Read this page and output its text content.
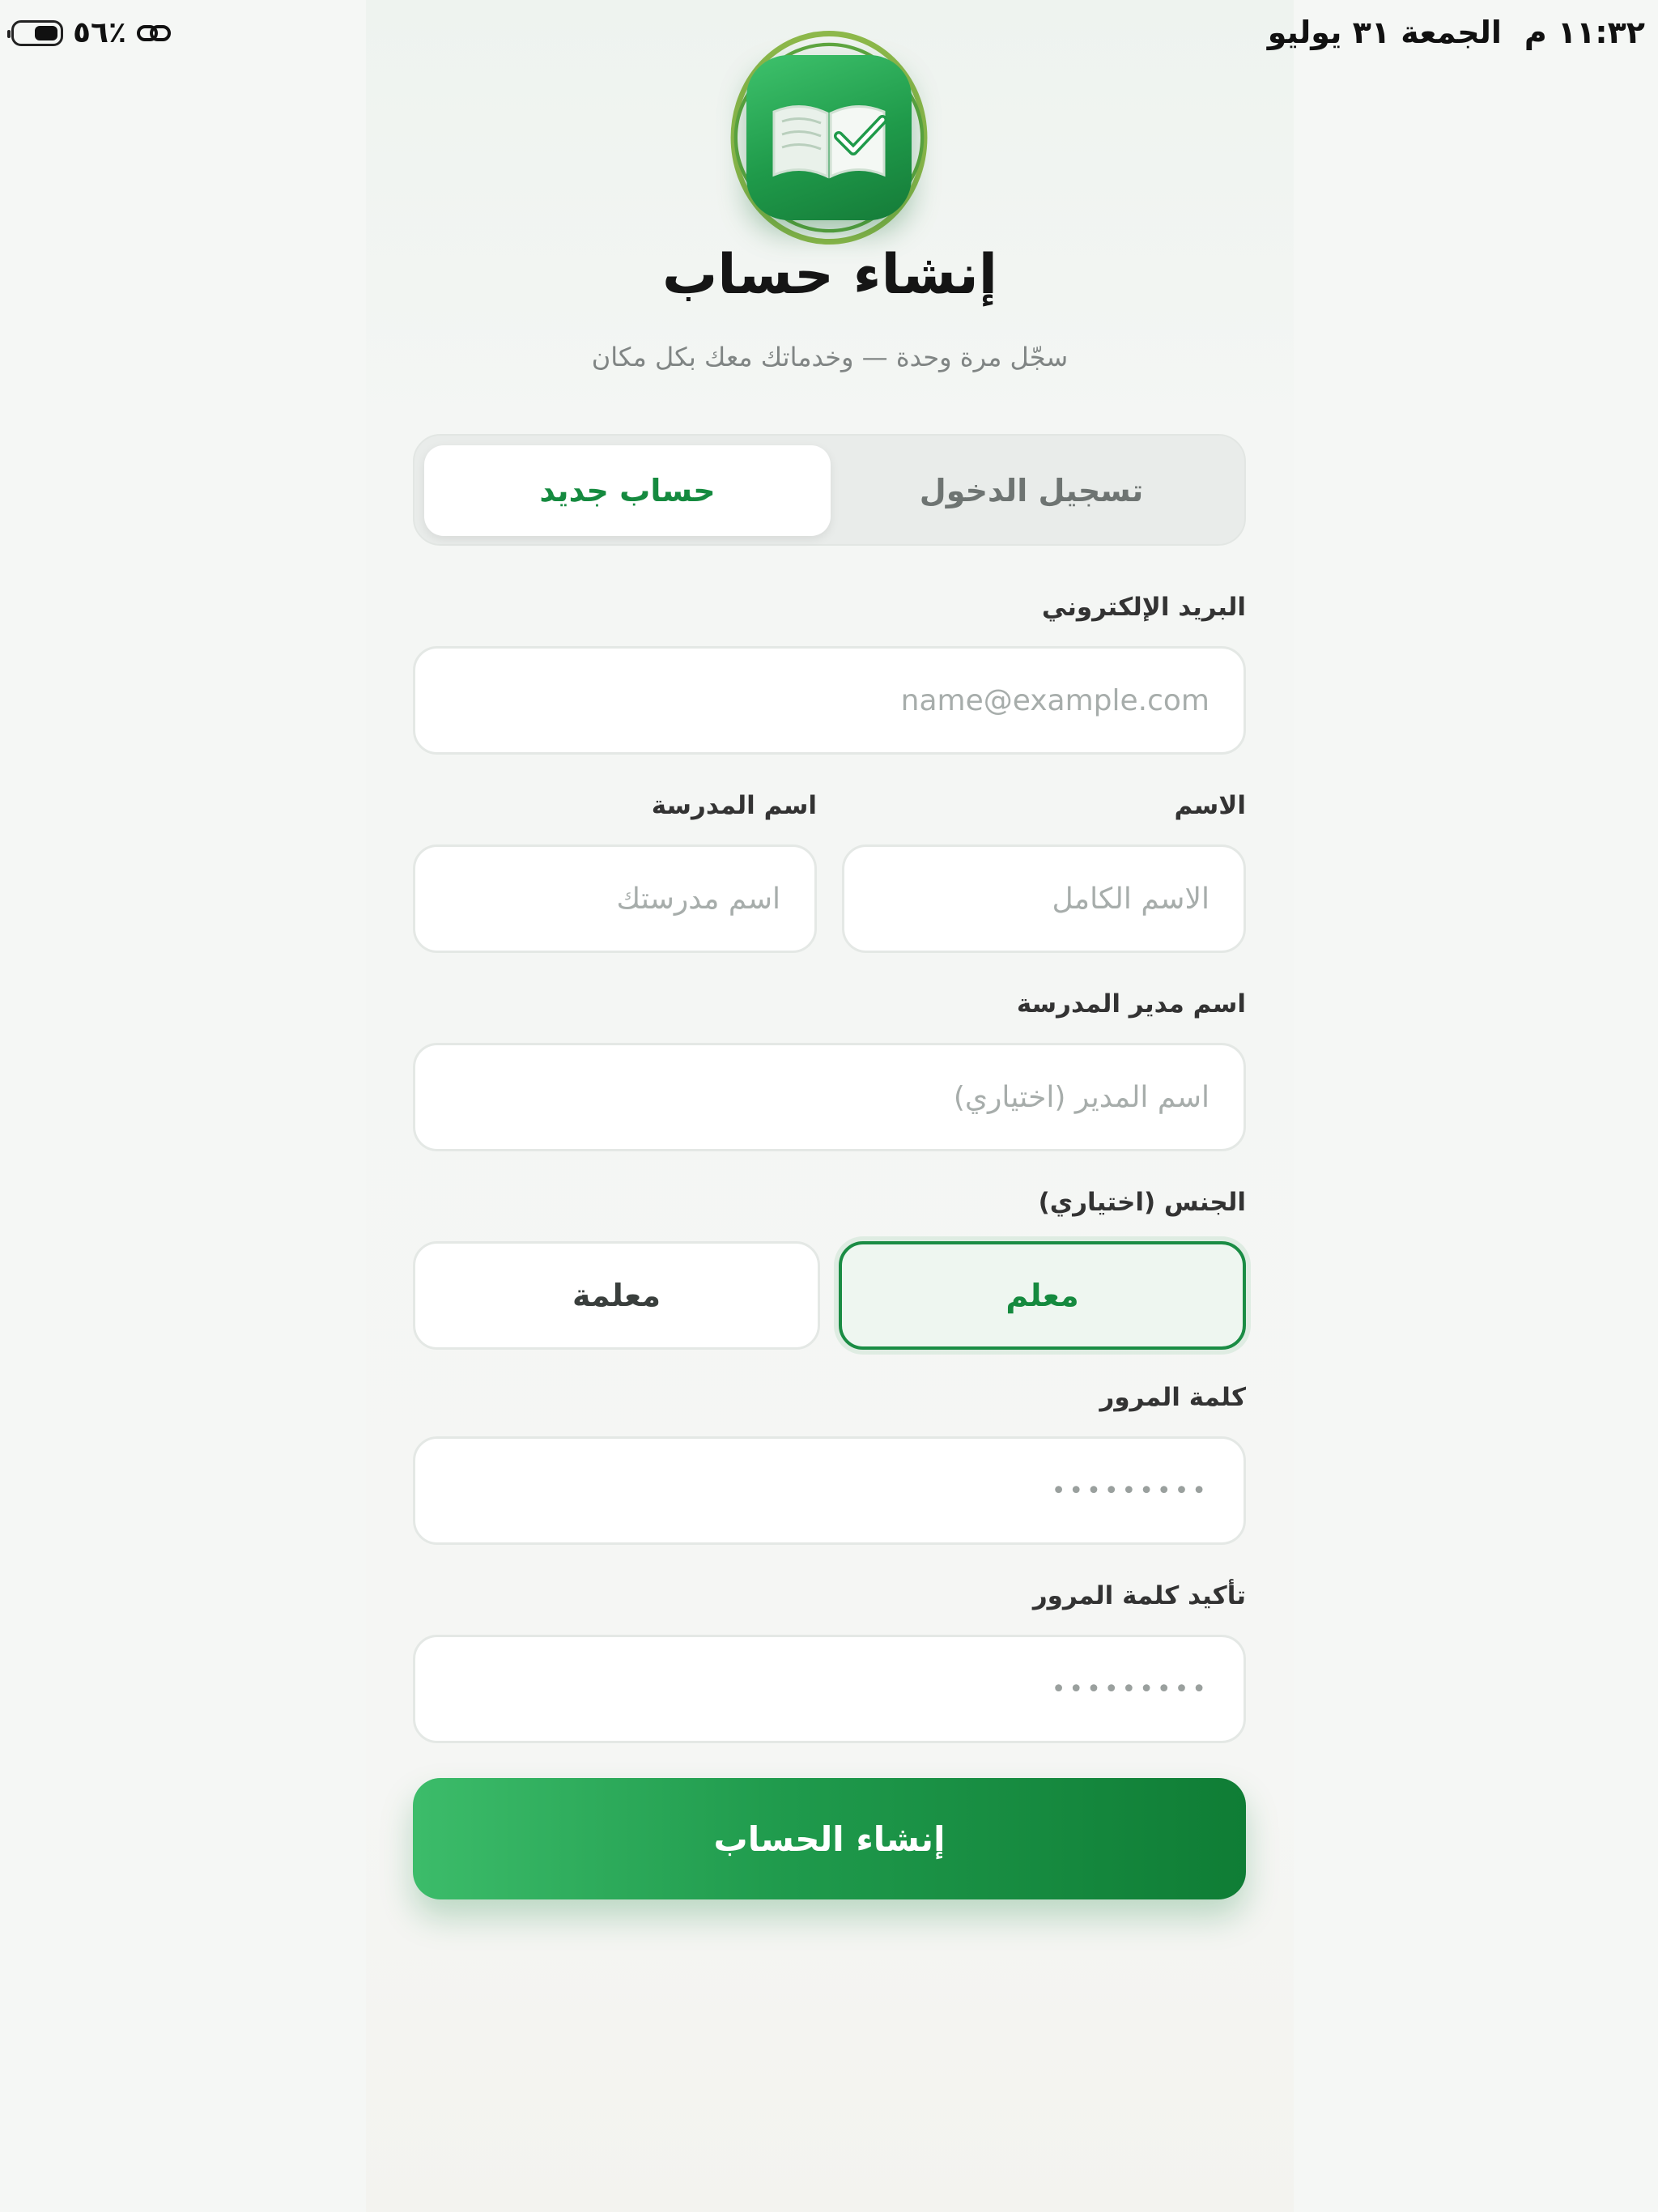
١١:٣٢ م
الجمعة ٣١ يوليو
٥٦٪
إنشاء حساب
سجّل مرة وحدة — وخدماتك معك بكل مكان
تسجيل الدخول
حساب جديد
البريد الإلكتروني
name@example.com
الاسم
الاسم الكامل
اسم المدرسة
اسم مدرستك
اسم مدير المدرسة
اسم المدير (اختياري)
الجنس (اختياري)
معلم
معلمة
كلمة المرور
•••••••••
تأكيد كلمة المرور
•••••••••
إنشاء الحساب
